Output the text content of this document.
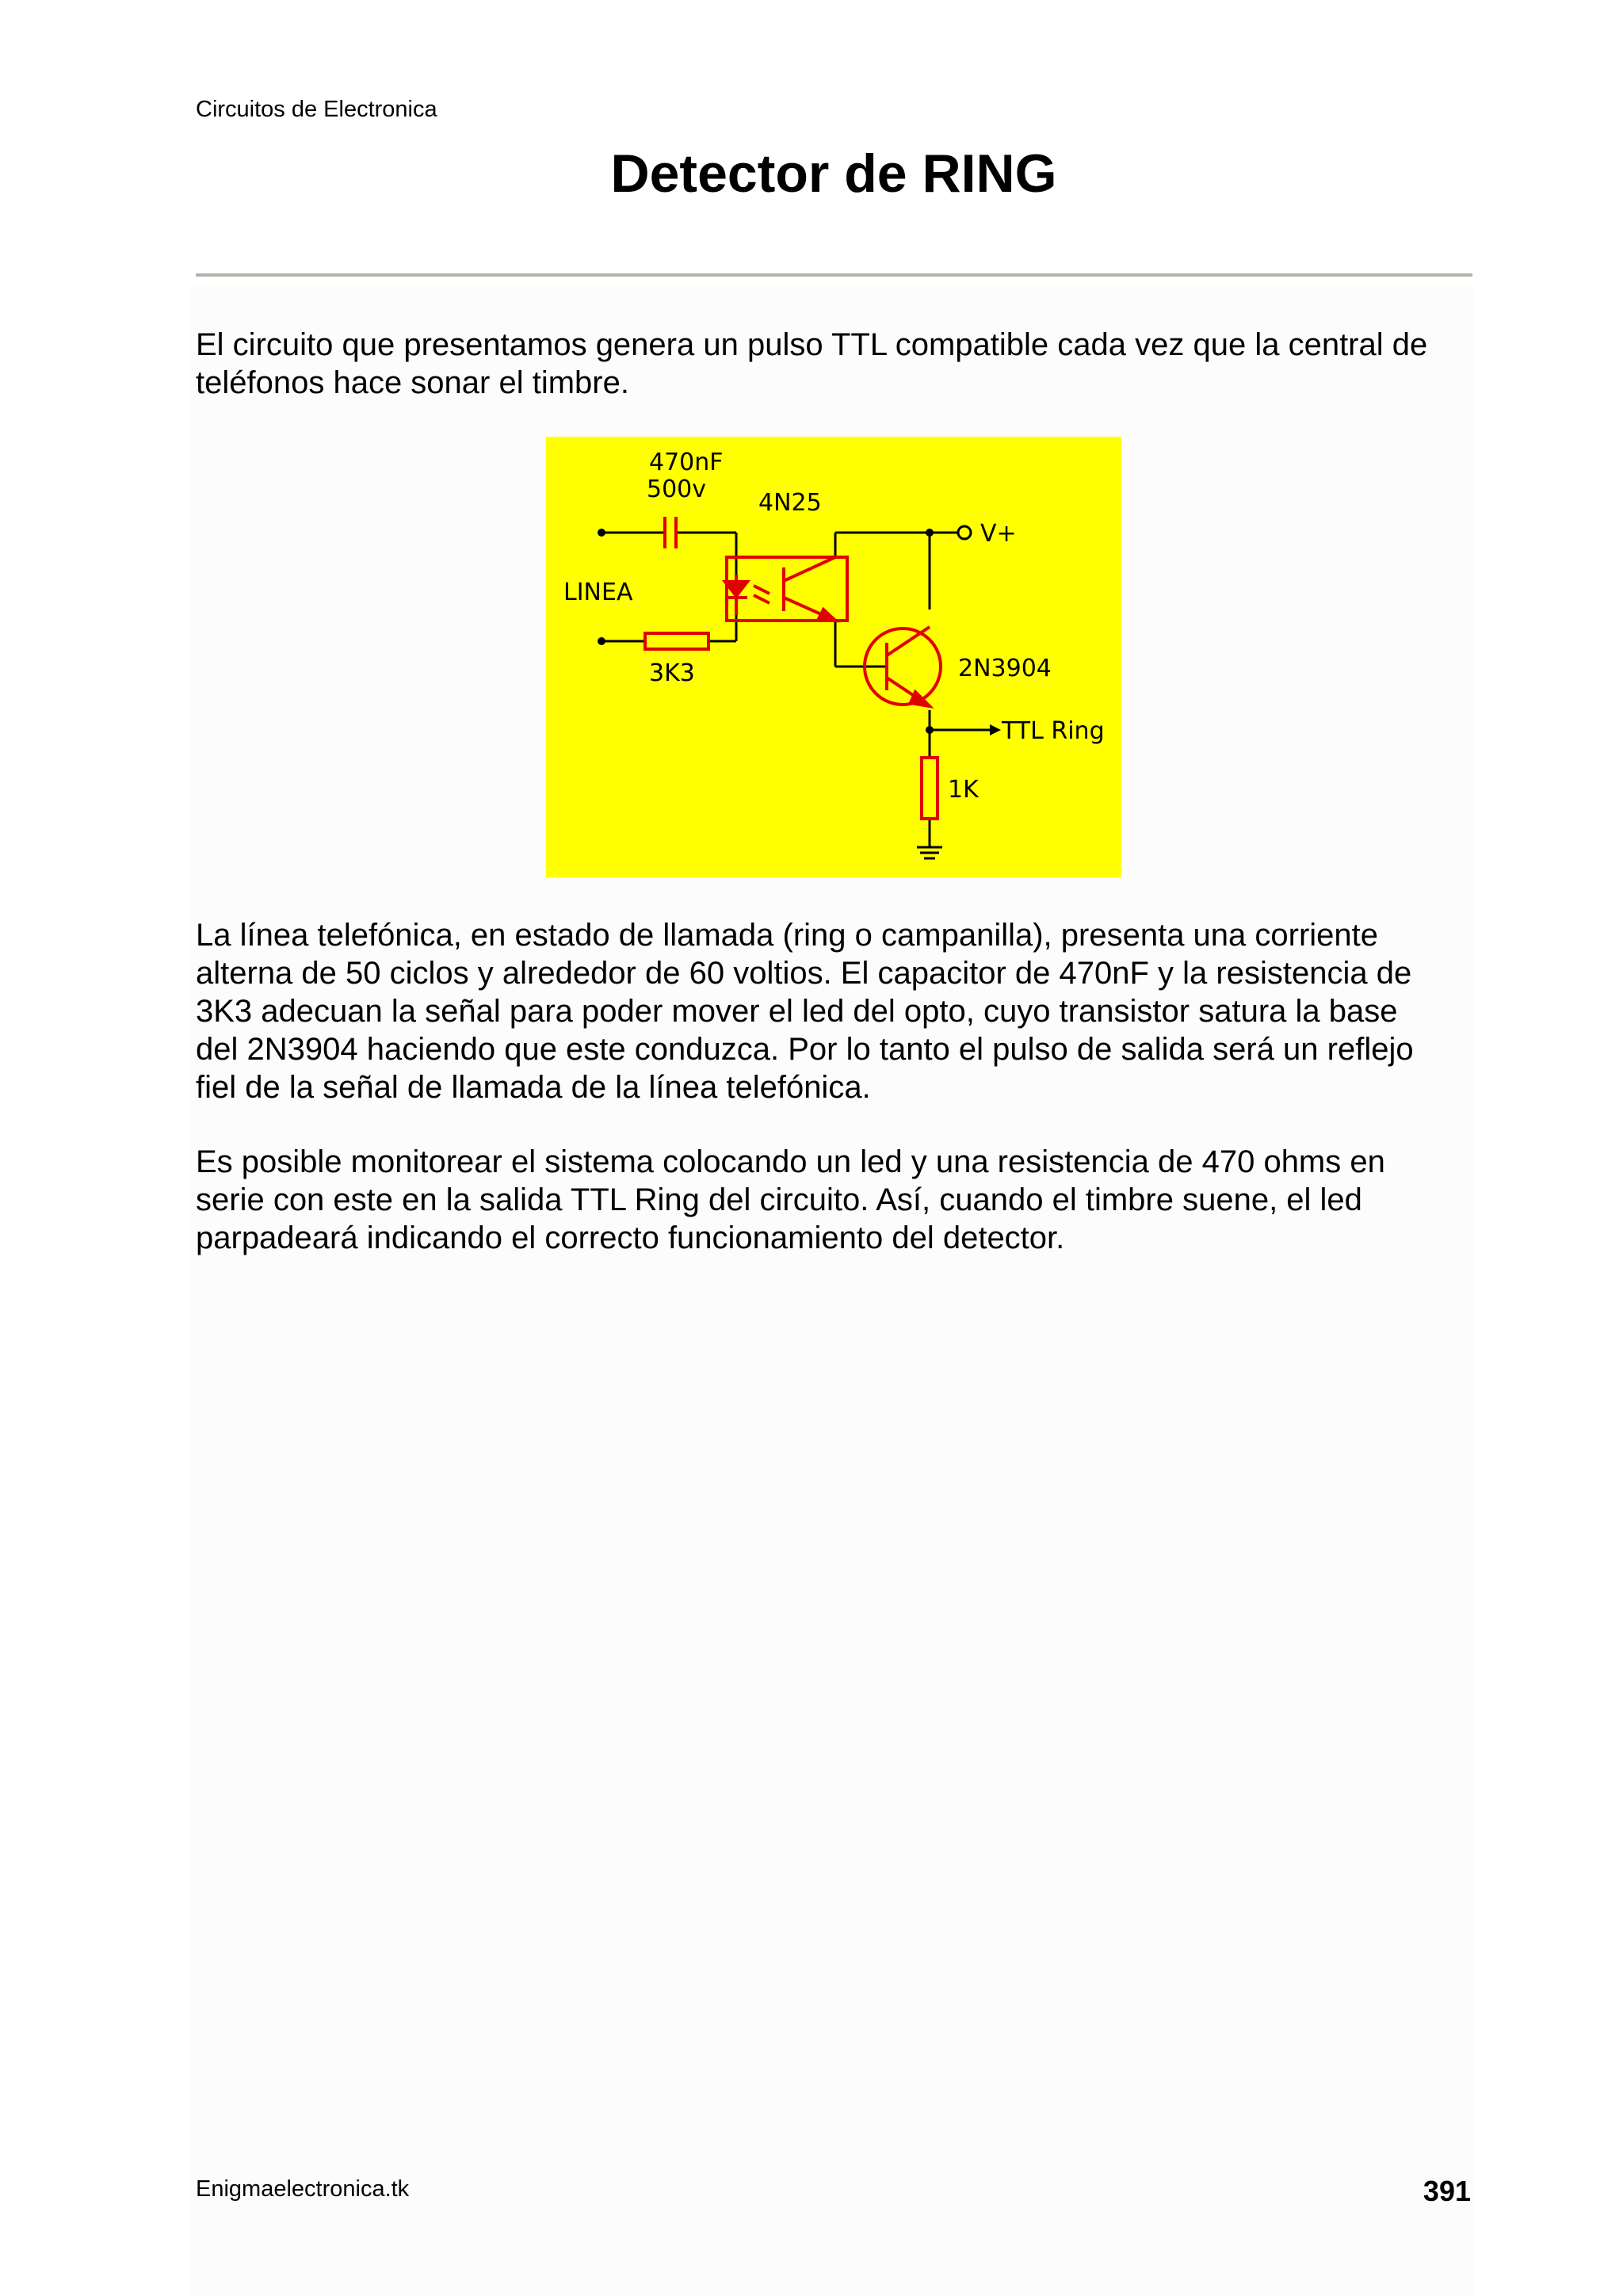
Circuitos de Electronica
Detector de RING

El circuito que presentamos genera un pulso TTL compatible cada vez que la central de
teléfonos hace sonar el timbre.

470nF
500v 4N25
V+
LINEA
3K3	2N3904
TTL Ring
1K

La línea telefónica, en estado de llamada (ring o campanilla), presenta una corriente
alterna de 50 ciclos y alrededor de 60 voltios. El capacitor de 470nF y la resistencia de
3K3 adecuan la señal para poder mover el led del opto, cuyo transistor satura la base
del 2N3904 haciendo que este conduzca. Por lo tanto el pulso de salida será un reflejo
fiel de la señal de llamada de la línea telefónica.

Es posible monitorear el sistema colocando un led y una resistencia de 470 ohms en
serie con este en la salida TTL Ring del circuito. Así, cuando el timbre suene, el led
parpadeará indicando el correcto funcionamiento del detector.

Enigmaelectronica.tk	391
